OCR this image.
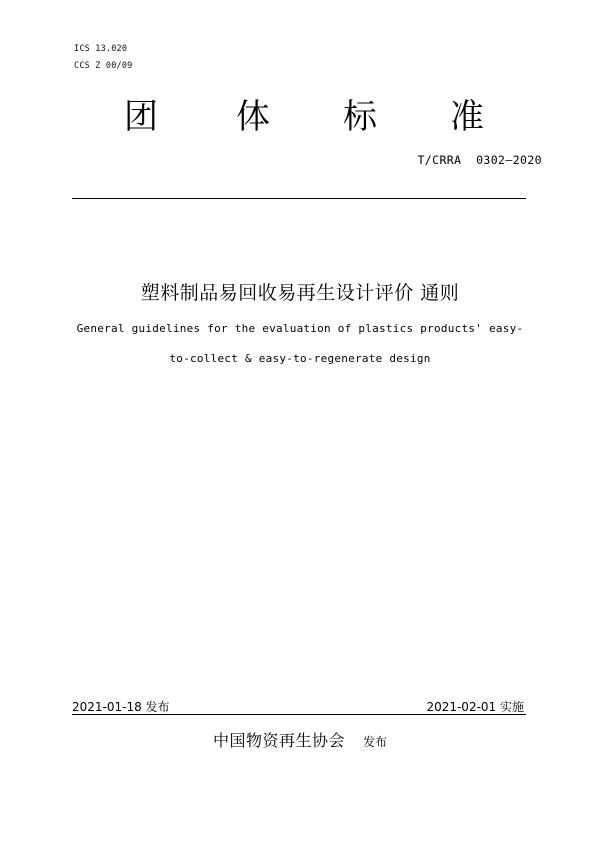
ICS 13.020
CCS Z 00/09
团 体 标 准
T/CRRA  0302—2020
塑料制品易回收易再生设计评价 通则
General guidelines for the evaluation of plastics products' easy-
to-collect & easy-to-regenerate design
2021-01-18 发布	2021-02-01 实施
中国物资再生协会 发布
